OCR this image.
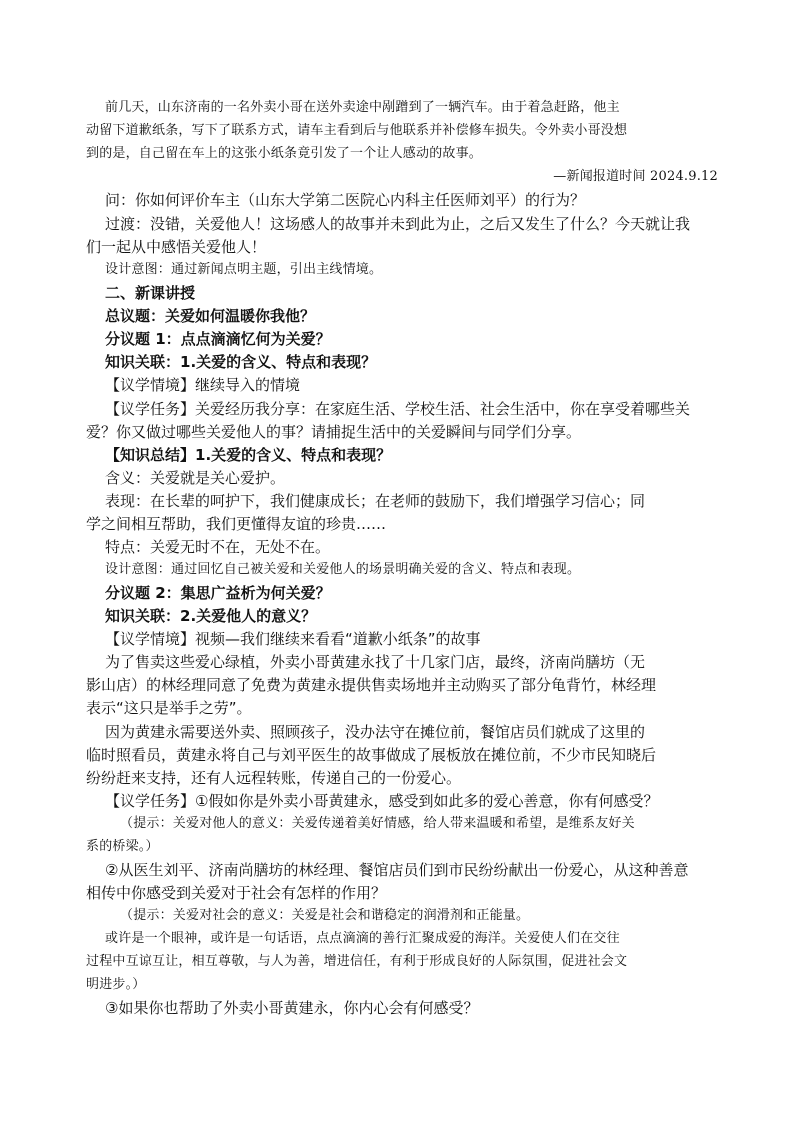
前几天，山东济南的一名外卖小哥在送外卖途中剐蹭到了一辆汽车。由于着急赶路，他主
动留下道歉纸条，写下了联系方式，请车主看到后与他联系并补偿修车损失。令外卖小哥没想
到的是，自己留在车上的这张小纸条竟引发了一个让人感动的故事。
—新闻报道时间 2024.9.12
问：你如何评价车主（山东大学第二医院心内科主任医师刘平）的行为？
过渡：没错，关爱他人！这场感人的故事并未到此为止，之后又发生了什么？今天就让我
们一起从中感悟关爱他人！
设计意图：通过新闻点明主题，引出主线情境。
二、新课讲授
总议题：关爱如何温暖你我他？
分议题 1：点点滴滴忆何为关爱？
知识关联：1.关爱的含义、特点和表现？
【议学情境】继续导入的情境
【议学任务】关爱经历我分享：在家庭生活、学校生活、社会生活中，你在享受着哪些关
爱？你又做过哪些关爱他人的事？请捕捉生活中的关爱瞬间与同学们分享。
【知识总结】1.关爱的含义、特点和表现？
含义：关爱就是关心爱护。
表现：在长辈的呵护下，我们健康成长；在老师的鼓励下，我们增强学习信心；同
学之间相互帮助，我们更懂得友谊的珍贵……
特点：关爱无时不在，无处不在。
设计意图：通过回忆自己被关爱和关爱他人的场景明确关爱的含义、特点和表现。
分议题 2：集思广益析为何关爱？
知识关联：2.关爱他人的意义？
【议学情境】视频—我们继续来看看“道歉小纸条”的故事
为了售卖这些爱心绿植，外卖小哥黄建永找了十几家门店，最终，济南尚膳坊（无
影山店）的林经理同意了免费为黄建永提供售卖场地并主动购买了部分龟背竹，林经理
表示“这只是举手之劳”。
因为黄建永需要送外卖、照顾孩子，没办法守在摊位前，餐馆店员们就成了这里的
临时照看员，黄建永将自己与刘平医生的故事做成了展板放在摊位前，不少市民知晓后
纷纷赶来支持，还有人远程转账，传递自己的一份爱心。
【议学任务】①假如你是外卖小哥黄建永，感受到如此多的爱心善意，你有何感受？
（提示：关爱对他人的意义：关爱传递着美好情感，给人带来温暖和希望，是维系友好关
系的桥梁。）
②从医生刘平、济南尚膳坊的林经理、餐馆店员们到市民纷纷献出一份爱心，从这种善意
相传中你感受到关爱对于社会有怎样的作用？
（提示：关爱对社会的意义：关爱是社会和谐稳定的润滑剂和正能量。
或许是一个眼神，或许是一句话语，点点滴滴的善行汇聚成爱的海洋。关爱使人们在交往
过程中互谅互让，相互尊敬，与人为善，增进信任，有利于形成良好的人际氛围，促进社会文
明进步。）
③如果你也帮助了外卖小哥黄建永，你内心会有何感受？
